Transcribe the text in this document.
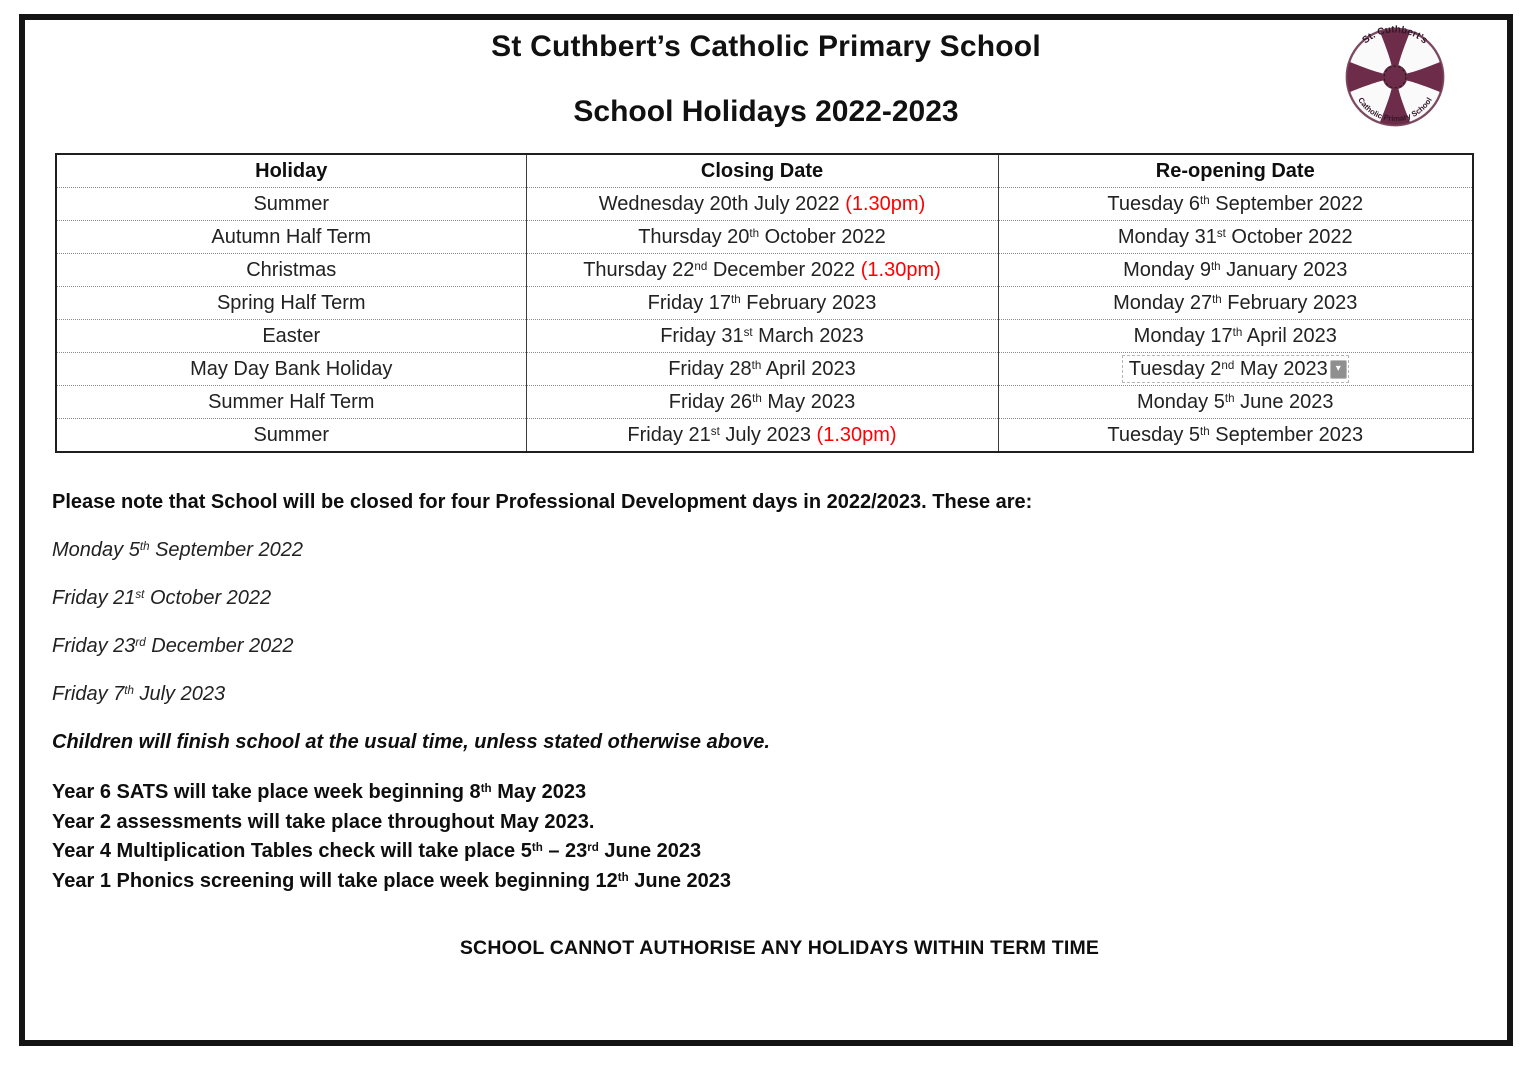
St Cuthbert’s Catholic Primary School
School Holidays 2022-2023
St. Cuthbert’s
Catholic Primary School
Holiday	Closing Date	Re-opening Date
Summer	Wednesday 20th July 2022 (1.30pm)	Tuesday 6th September 2022
Autumn Half Term	Thursday 20th October 2022	Monday 31st October 2022
Christmas	Thursday 22nd December 2022 (1.30pm)	Monday 9th January 2023
Spring Half Term	Friday 17th February 2023	Monday 27th February 2023
Easter	Friday 31st March 2023	Monday 17th April 2023
May Day Bank Holiday	Friday 28th April 2023	Tuesday 2nd May 2023 ▾
Summer Half Term	Friday 26th May 2023	Monday 5th June 2023
Summer	Friday 21st July 2023 (1.30pm)	Tuesday 5th September 2023

Please note that School will be closed for four Professional Development days in 2022/2023. These are:

Monday 5th September 2022

Friday 21st October 2022

Friday 23rd December 2022

Friday 7th July 2023

Children will finish school at the usual time, unless stated otherwise above.

Year 6 SATS will take place week beginning 8th May 2023

Year 2 assessments will take place throughout May 2023.

Year 4 Multiplication Tables check will take place 5th – 23rd June 2023

Year 1 Phonics screening will take place week beginning 12th June 2023

SCHOOL CANNOT AUTHORISE ANY HOLIDAYS WITHIN TERM TIME
